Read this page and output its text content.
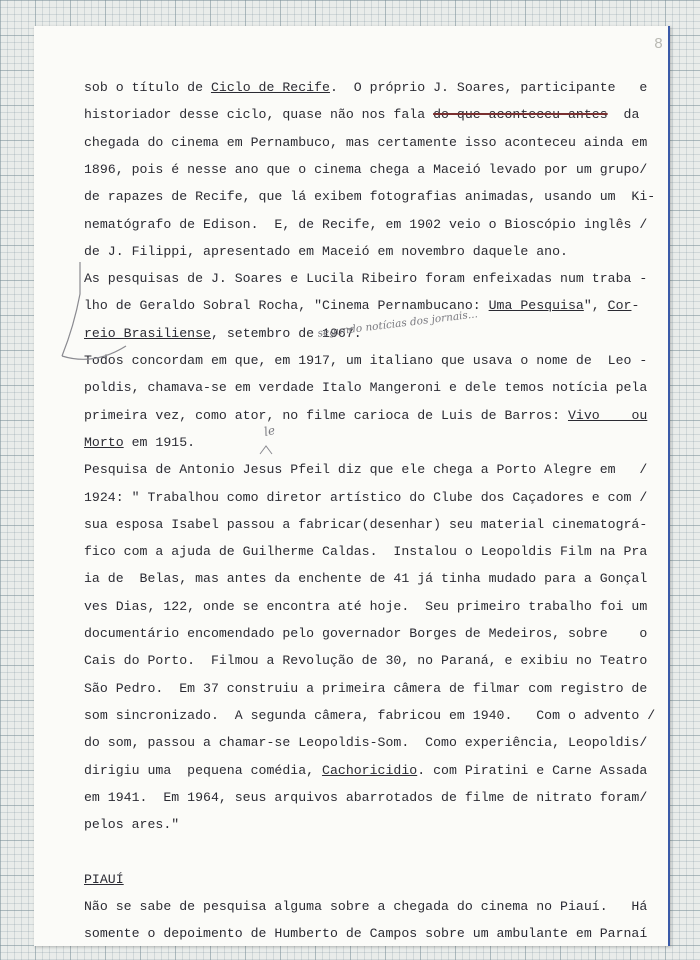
8
sob o título de Ciclo de Recife.  O próprio J. Soares, participante   e
historiador desse ciclo, quase não nos fala do que aconteceu antes  da
chegada do cinema em Pernambuco, mas certamente isso aconteceu ainda em
1896, pois é nesse ano que o cinema chega a Maceió levado por um grupo/
de rapazes de Recife, que lá exibem fotografias animadas, usando um  Ki-
nematógrafo de Edison.  E, de Recife, em 1902 veio o Bioscópio inglês /
de J. Filippi, apresentado em Maceió em novembro daquele ano.
As pesquisas de J. Soares e Lucila Ribeiro foram enfeixadas num traba -
lho de Geraldo Sobral Rocha, "Cinema Pernambucano: Uma Pesquisa", Cor-
reio Brasiliense, setembro de 1967.
Todos concordam em que, em 1917, um italiano que usava o nome de  Leo -
poldis, chamava-se em verdade Italo Mangeroni e dele temos notícia pela
primeira vez, como ator, no filme carioca de Luis de Barros: Vivo    ou
Morto em 1915.
Pesquisa de Antonio Jesus Pfeil diz que ele chega a Porto Alegre em   /
1924: " Trabalhou como diretor artístico do Clube dos Caçadores e com /
sua esposa Isabel passou a fabricar(desenhar) seu material cinematográ-
fico com a ajuda de Guilherme Caldas.  Instalou o Leopoldis Film na Pra
ia de  Belas, mas antes da enchente de 41 já tinha mudado para a Gonçal
ves Dias, 122, onde se encontra até hoje.  Seu primeiro trabalho foi um
documentário encomendado pelo governador Borges de Medeiros, sobre    o
Cais do Porto.  Filmou a Revolução de 30, no Paraná, e exibiu no Teatro
São Pedro.  Em 37 construiu a primeira câmera de filmar com registro de
som sincronizado.  A segunda câmera, fabricou em 1940.   Com o advento /
do som, passou a chamar-se Leopoldis-Som.  Como experiência, Leopoldis/
dirigiu uma  pequena comédia, Cachoricidio. com Piratini e Carne Assada
em 1941.  Em 1964, seus arquivos abarrotados de filme de nitrato foram/
pelos ares."
PIAUÍ
Não se sabe de pesquisa alguma sobre a chegada do cinema no Piauí.   Há
somente o depoimento de Humberto de Campos sobre um ambulante em Parnaí
segundo notícias dos jornais...
le
